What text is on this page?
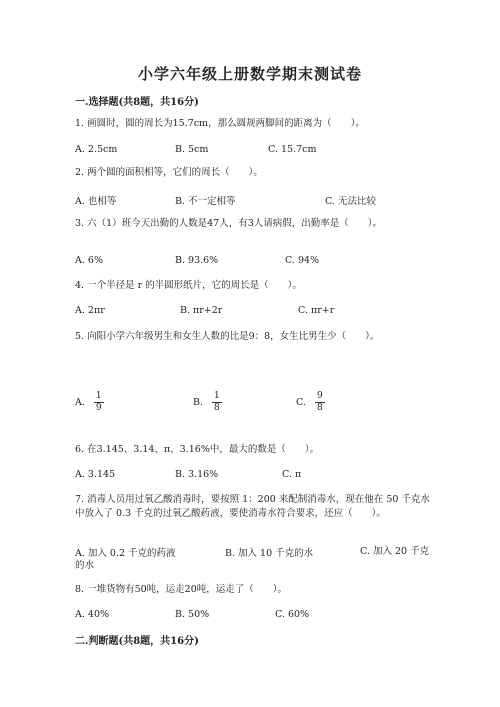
小学六年级上册数学期末测试卷
一.选择题(共8题，共16分)
1. 画圆时，圆的周长为15.7cm，那么圆规两脚间的距离为（　　）。
A. 2.5cm	B. 5cm	C. 15.7cm
2. 两个圆的面积相等，它们的周长（　　）。
A. 也相等	B. 不一定相等	C. 无法比较
3. 六（1）班今天出勤的人数是47人，有3人请病假，出勤率是（　　）。
A. 6%	B. 93.6%	C. 94%
4. 一个半径是 r 的半圆形纸片，它的周长是（　　）。
A. 2πr	B. πr+2r	C. πr+r
5. 向阳小学六年级男生和女生人数的比是9：8，女生比男生少（　　）。
A. $\frac{1}{9}$	B. $\frac{1}{8}$	C. $\frac{9}{8}$
6. 在3.145、3.14、π、3.16%中，最大的数是（　　）。
A. 3.145	B. 3.16%	C. π
7. 消毒人员用过氧乙酸消毒时，要按照 1：200 来配制消毒水，现在他在 50 千克水中放入了 0.3 千克的过氧乙酸药液，要使消毒水符合要求，还应（　　）。
A. 加入 0.2 千克的药液	B. 加入 10 千克的水	C. 加入 20 千克的水
8. 一堆货物有50吨，运走20吨，运走了（　　）。
A. 40%	B. 50%	C. 60%
二.判断题(共8题，共16分)
